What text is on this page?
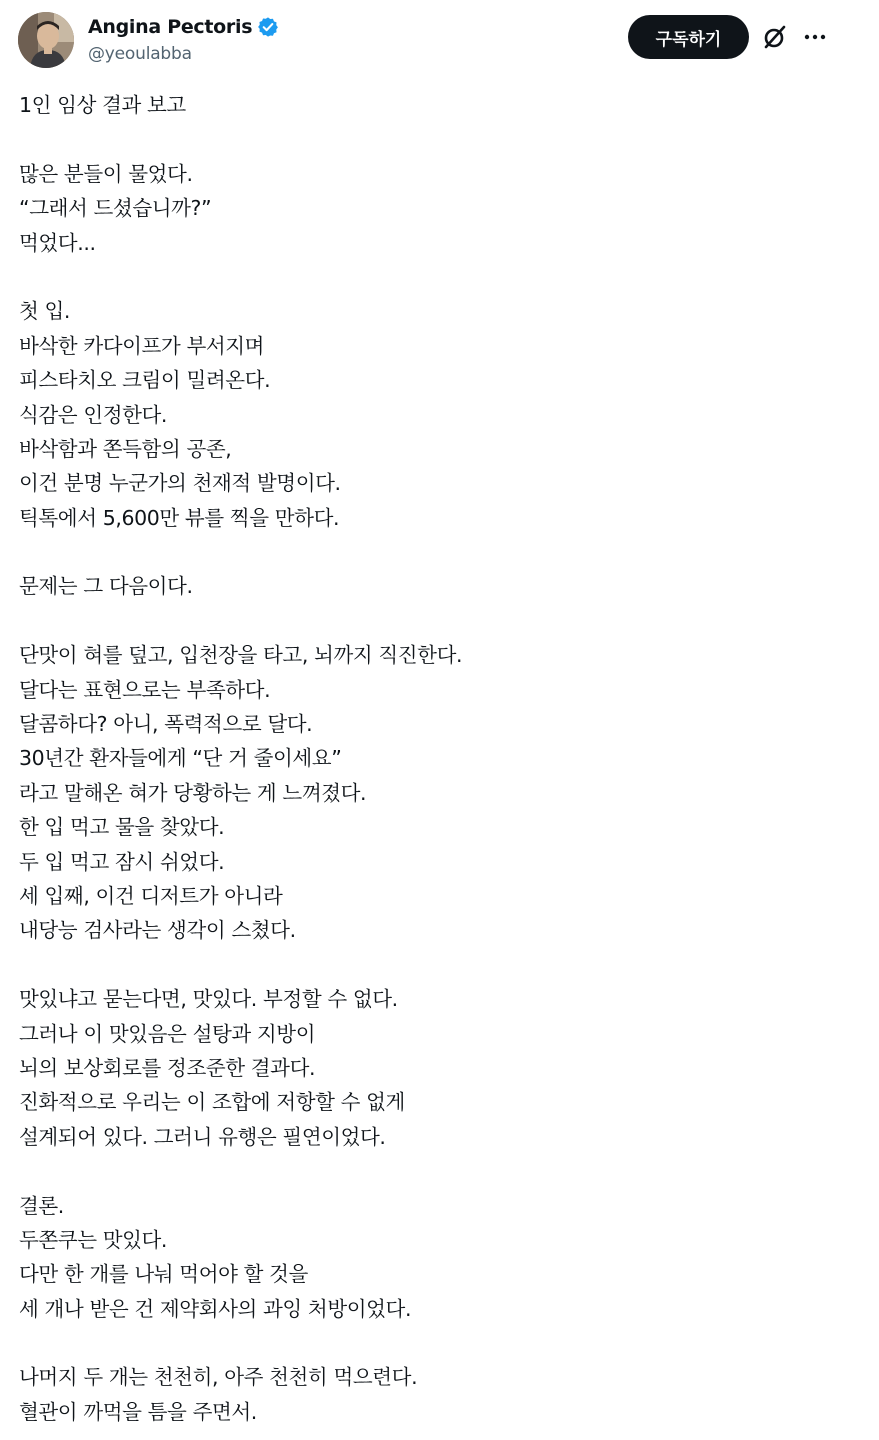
Angina Pectoris
@yeoulabba
구독하기
1인 임상 결과 보고
많은 분들이 물었다.
“그래서 드셨습니까?”
먹었다...
첫 입.
바삭한 카다이프가 부서지며
피스타치오 크림이 밀려온다.
식감은 인정한다.
바삭함과 쫀득함의 공존,
이건 분명 누군가의 천재적 발명이다.
틱톡에서 5,600만 뷰를 찍을 만하다.
문제는 그 다음이다.
단맛이 혀를 덮고, 입천장을 타고, 뇌까지 직진한다.
달다는 표현으로는 부족하다.
달콤하다? 아니, 폭력적으로 달다.
30년간 환자들에게 “단 거 줄이세요”
라고 말해온 혀가 당황하는 게 느껴졌다.
한 입 먹고 물을 찾았다.
두 입 먹고 잠시 쉬었다.
세 입째, 이건 디저트가 아니라
내당능 검사라는 생각이 스쳤다.
맛있냐고 묻는다면, 맛있다. 부정할 수 없다.
그러나 이 맛있음은 설탕과 지방이
뇌의 보상회로를 정조준한 결과다.
진화적으로 우리는 이 조합에 저항할 수 없게
설계되어 있다. 그러니 유행은 필연이었다.
결론.
두쫀쿠는 맛있다.
다만 한 개를 나눠 먹어야 할 것을
세 개나 받은 건 제약회사의 과잉 처방이었다.
나머지 두 개는 천천히, 아주 천천히 먹으련다.
혈관이 까먹을 틈을 주면서.
